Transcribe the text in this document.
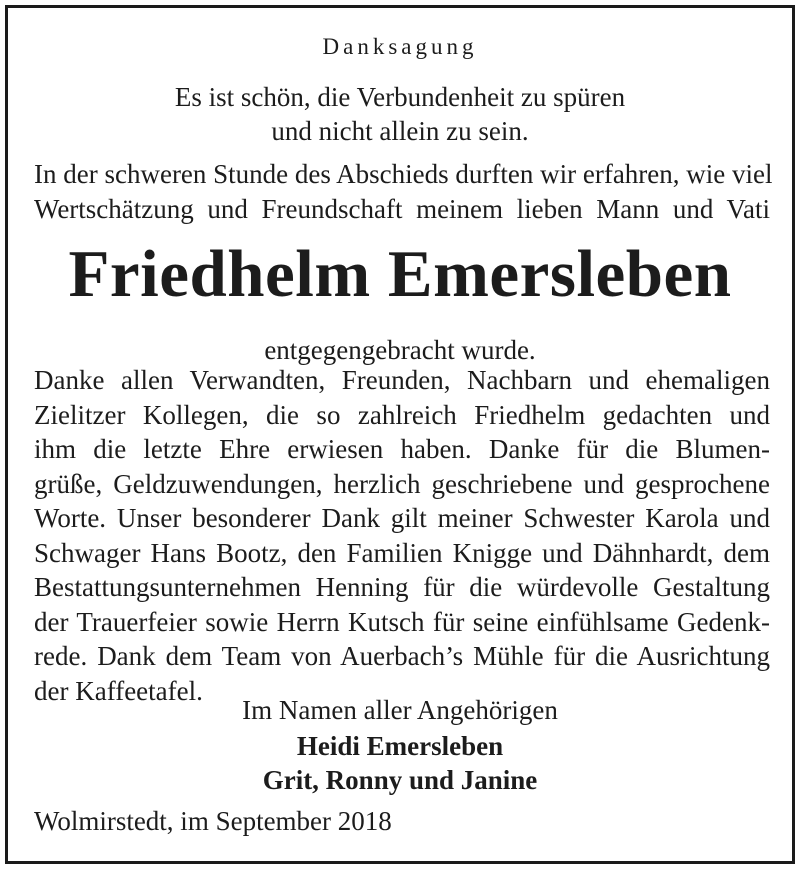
Danksagung
Es ist schön, die Verbundenheit zu spüren
und nicht allein zu sein.
In der schweren Stunde des Abschieds durften wir erfahren, wie viel
Wertschätzung und Freundschaft meinem lieben Mann und Vati
Friedhelm Emersleben
entgegengebracht wurde.
Danke allen Verwandten, Freunden, Nachbarn und ehemaligen
Zielitzer Kollegen, die so zahlreich Friedhelm gedachten und
ihm die letzte Ehre erwiesen haben. Danke für die Blumen-
grüße, Geldzuwendungen, herzlich geschriebene und gesprochene
Worte. Unser besonderer Dank gilt meiner Schwester Karola und
Schwager Hans Bootz, den Familien Knigge und Dähnhardt, dem
Bestattungsunternehmen Henning für die würdevolle Gestaltung
der Trauerfeier sowie Herrn Kutsch für seine einfühlsame Gedenk-
rede. Dank dem Team von Auerbach’s Mühle für die Ausrichtung
der Kaffeetafel.
Im Namen aller Angehörigen
Heidi Emersleben
Grit, Ronny und Janine
Wolmirstedt, im September 2018
